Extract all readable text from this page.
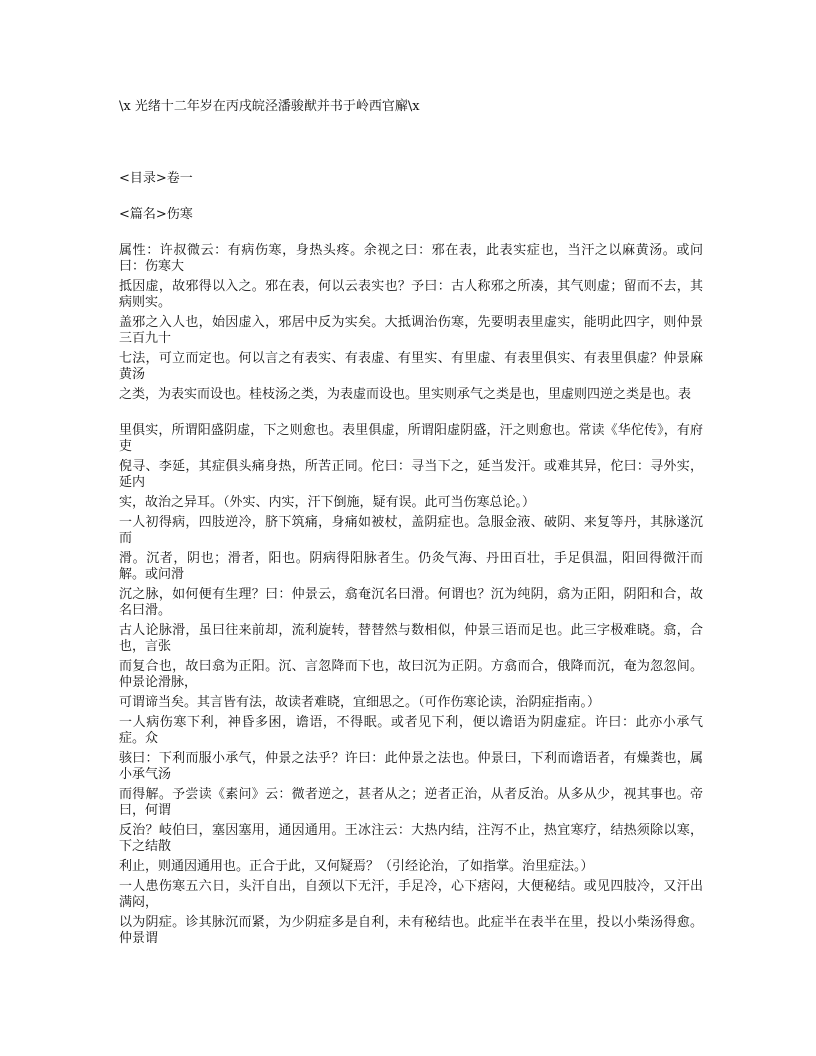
\x 光绪十二年岁在丙戌皖泾潘骏猷并书于岭西官廨\x
<目录>卷一
<篇名>伤寒
属性：许叔微云：有病伤寒，身热头疼。余视之曰：邪在表，此表实症也，当汗之以麻黄汤。或问曰：伤寒大
抵因虚，故邪得以入之。邪在表，何以云表实也？予曰：古人称邪之所凑，其气则虚；留而不去，其病则实。
盖邪之入人也，始因虚入，邪居中反为实矣。大抵调治伤寒，先要明表里虚实，能明此四字，则仲景三百九十
七法，可立而定也。何以言之有表实、有表虚、有里实、有里虚、有表里俱实、有表里俱虚？仲景麻黄汤
之类，为表实而设也。桂枝汤之类，为表虚而设也。里实则承气之类是也，里虚则四逆之类是也。表
里俱实，所谓阳盛阴虚，下之则愈也。表里俱虚，所谓阳虚阴盛，汗之则愈也。常读《华佗传》，有府吏
倪寻、李延，其症俱头痛身热，所苦正同。佗曰：寻当下之，延当发汗。或难其异，佗曰：寻外实，延内
实，故治之异耳。（外实、内实，汗下倒施，疑有误。此可当伤寒总论。）
一人初得病，四肢逆冷，脐下筑痛，身痛如被杖，盖阴症也。急服金液、破阴、来复等丹，其脉遂沉而
滑。沉者，阴也；滑者，阳也。阴病得阳脉者生。仍灸气海、丹田百壮，手足俱温，阳回得微汗而解。或问滑
沉之脉，如何便有生理？曰：仲景云，翕奄沉名曰滑。何谓也？沉为纯阴，翕为正阳，阴阳和合，故名曰滑。
古人论脉滑，虽曰往来前却，流利旋转，替替然与数相似，仲景三语而足也。此三字极难晓。翕，合也，言张
而复合也，故曰翕为正阳。沉、言忽降而下也，故曰沉为正阴。方翕而合，俄降而沉，奄为忽忽间。仲景论滑脉，
可谓谛当矣。其言皆有法，故读者难晓，宜细思之。（可作伤寒论读，治阴症指南。）
一人病伤寒下利，神昏多困，谵语，不得眠。或者见下利，便以谵语为阴虚症。许曰：此亦小承气症。众
骇曰：下利而服小承气，仲景之法乎？许曰：此仲景之法也。仲景曰，下利而谵语者，有燥粪也，属小承气汤
而得解。予尝读《素问》云：微者逆之，甚者从之；逆者正治，从者反治。从多从少，视其事也。帝曰，何谓
反治？岐伯曰，塞因塞用，通因通用。王冰注云：大热内结，注泻不止，热宜寒疗，结热须除以寒，下之结散
利止，则通因通用也。正合于此，又何疑焉？（引经论治，了如指掌。治里症法。）
一人患伤寒五六日，头汗自出，自颈以下无汗，手足冷，心下痞闷，大便秘结。或见四肢冷，又汗出满闷，
以为阴症。诊其脉沉而紧，为少阴症多是自利，未有秘结也。此症半在表半在里，投以小柴汤得愈。仲景谓
